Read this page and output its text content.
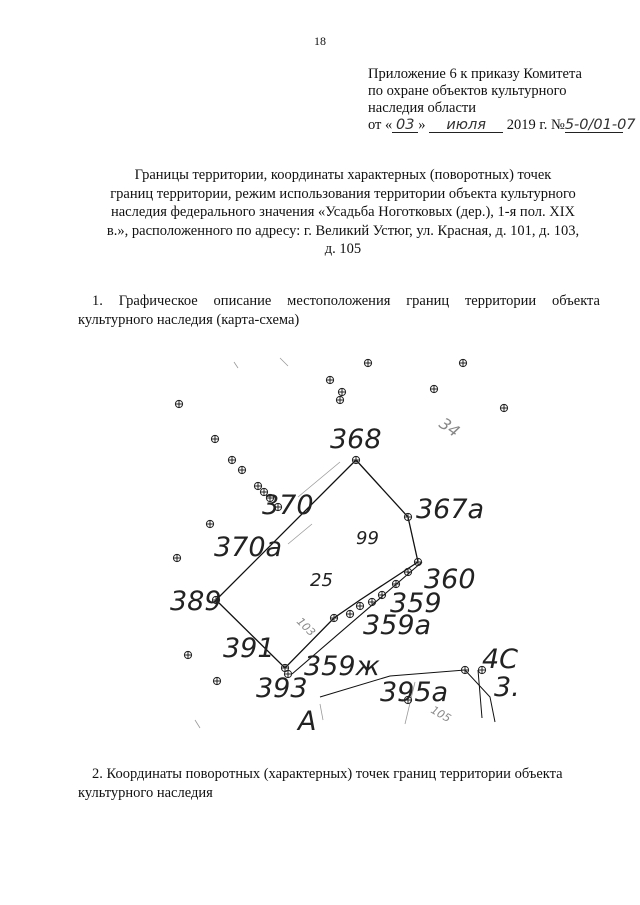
18
Приложение 6 к приказу Комитета
по охране объектов культурного
наследия области
от « 03 » июля 2019 г. №5-0/01-07
Границы территории, координаты характерных (поворотных) точек
границ территории, режим использования территории объекта культурного
наследия федерального значения «Усадьба Ноготковых (дер.), 1-я пол. XIX
в.», расположенного по адресу: г. Великий Устюг, ул. Красная, д. 101, д. 103,
д. 105
1. Графическое описание местоположения границ территории объекта
культурного наследия (карта-схема)
368
367а
370
370а
360
389	359
359а
391
359ж
393	395а
4С
3.
А
99
25
34
103
105
2. Координаты поворотных (характерных) точек границ территории объекта
культурного наследия
